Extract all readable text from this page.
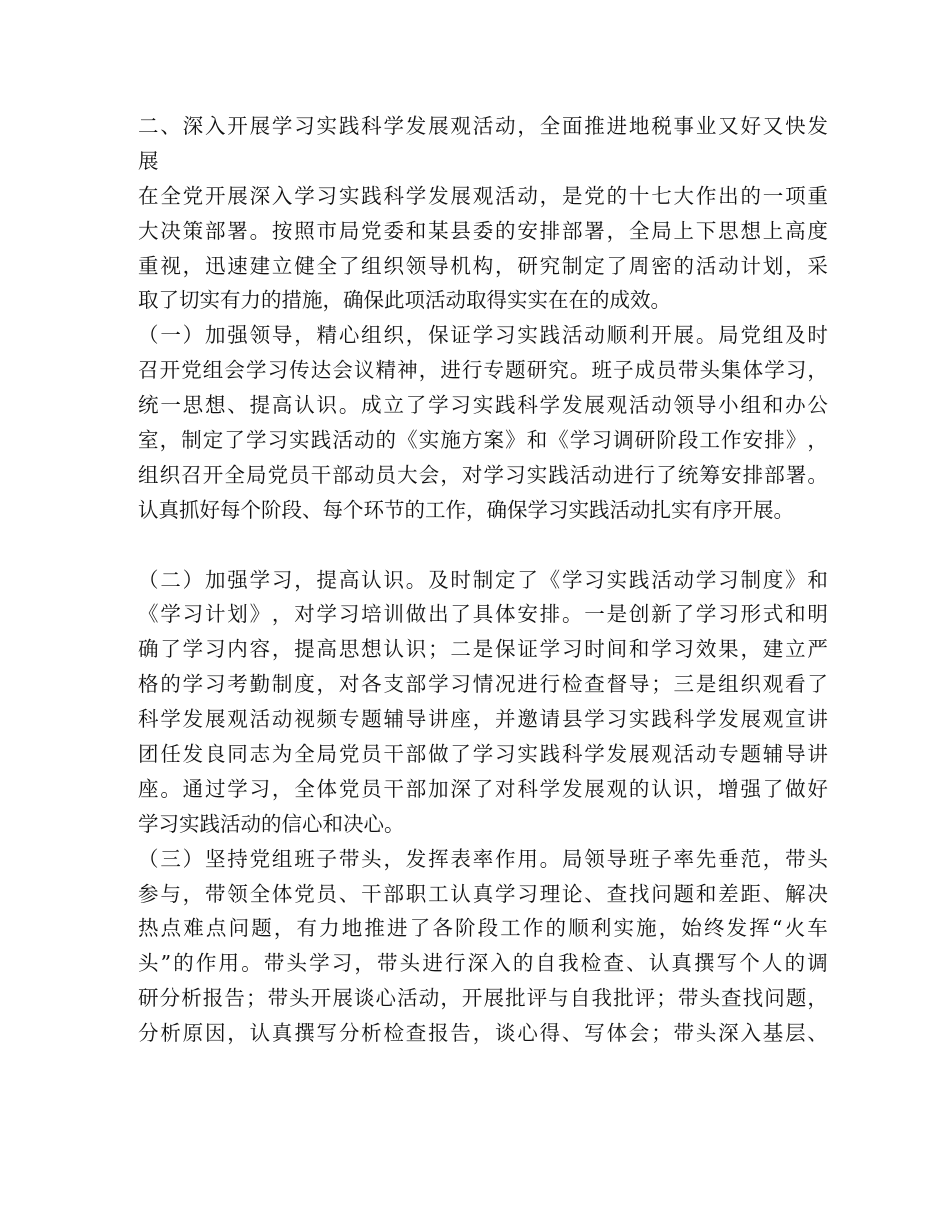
二 、 深 入 开 展 学 习 实 践 科 学 发 展 观 活 动 ， 全 面 推 进 地 税 事 业 又 好 又 快 发
展
在 全 党 开 展 深 入 学 习 实 践 科 学 发 展 观 活 动 ， 是 党 的 十 七 大 作 出 的 一 项 重
大 决 策 部 署 。 按 照 市 局 党 委 和 某 县 委 的 安 排 部 署 ， 全 局 上 下 思 想 上 高 度
重 视 ， 迅 速 建 立 健 全 了 组 织 领 导 机 构 ， 研 究 制 定 了 周 密 的 活 动 计 划 ， 采
取了切实有力的措施，确保此项活动取得实实在在的成效。
（ 一 ） 加 强 领 导 ， 精 心 组 织 ， 保 证 学 习 实 践 活 动 顺 利 开 展 。 局 党 组 及 时
召 开 党 组 会 学 习 传 达 会 议 精 神 ， 进 行 专 题 研 究 。 班 子 成 员 带 头 集 体 学 习 ，
统 一 思 想 、 提 高 认 识 。 成 立 了 学 习 实 践 科 学 发 展 观 活 动 领 导 小 组 和 办 公
室 ， 制 定 了 学 习 实 践 活 动 的 《 实 施 方 案 》 和 《 学 习 调 研 阶 段 工 作 安 排 》 ，
组 织 召 开 全 局 党 员 干 部 动 员 大 会 ， 对 学 习 实 践 活 动 进 行 了 统 筹 安 排 部 署 。
认真抓好每个阶段、每个环节的工作，确保学习实践活动扎实有序开展。
（ 二 ） 加 强 学 习 ， 提 高 认 识 。 及 时 制 定 了 《 学 习 实 践 活 动 学 习 制 度 》 和
《 学 习 计 划 》 ， 对 学 习 培 训 做 出 了 具 体 安 排 。 一 是 创 新 了 学 习 形 式 和 明
确 了 学 习 内 容 ， 提 高 思 想 认 识 ； 二 是 保 证 学 习 时 间 和 学 习 效 果 ， 建 立 严
格 的 学 习 考 勤 制 度 ， 对 各 支 部 学 习 情 况 进 行 检 查 督 导 ； 三 是 组 织 观 看 了
科 学 发 展 观 活 动 视 频 专 题 辅 导 讲 座 ， 并 邀 请 县 学 习 实 践 科 学 发 展 观 宣 讲
团 任 发 良 同 志 为 全 局 党 员 干 部 做 了 学 习 实 践 科 学 发 展 观 活 动 专 题 辅 导 讲
座 。 通 过 学 习 ， 全 体 党 员 干 部 加 深 了 对 科 学 发 展 观 的 认 识 ， 增 强 了 做 好
学习实践活动的信心和决心。
（ 三 ） 坚 持 党 组 班 子 带 头 ， 发 挥 表 率 作 用 。 局 领 导 班 子 率 先 垂 范 ， 带 头
参 与 ， 带 领 全 体 党 员 、 干 部 职 工 认 真 学 习 理 论 、 查 找 问 题 和 差 距 、 解 决
热 点 难 点 问 题 ， 有 力 地 推 进 了 各 阶 段 工 作 的 顺 利 实 施 ， 始 终 发 挥 “ 火 车
头 ” 的 作 用 。 带 头 学 习 ， 带 头 进 行 深 入 的 自 我 检 查 、 认 真 撰 写 个 人 的 调
研 分 析 报 告 ； 带 头 开 展 谈 心 活 动 ， 开 展 批 评 与 自 我 批 评 ； 带 头 查 找 问 题 ，
分 析 原 因 ， 认 真 撰 写 分 析 检 查 报 告 ， 谈 心 得 、 写 体 会 ； 带 头 深 入 基 层 、
